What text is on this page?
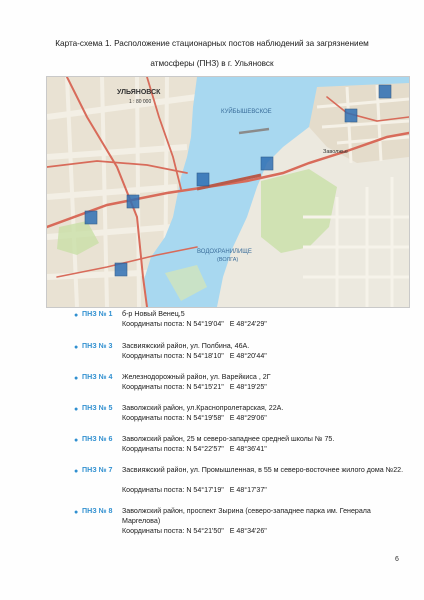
Карта-схема 1. Расположение стационарных постов наблюдений за загрязнением
атмосферы (ПНЗ) в г. Ульяновск
УЛЬЯНОВСК
1 : 80 000
КУЙБЫШЕВСКОЕ
ВОДОХРАНИЛИЩЕ
(ВОЛГА)
Заволжье
● ПНЗ № 1 б-р Новый Венец,5
Координаты поста: N 54°19'04"   E 48°24'29"
● ПНЗ № 3 Засвияжский район, ул. Полбина, 46А.
Координаты поста: N 54°18'10"   E 48°20'44"
● ПНЗ № 4 Железнодорожный район, ул. Варейкиса , 2Г
Координаты поста: N 54°15'21"   E 48°19'25"
● ПНЗ № 5 Заволжский район, ул.Краснопролетарская, 22А.
Координаты поста: N 54°19'58"   E 48°29'06"
● ПНЗ № 6 Заволжский район, 25 м северо-западнее средней школы № 75.
Координаты поста: N 54°22'57"   E 48°36'41"
● ПНЗ № 7 Засвияжский район, ул. Промышленная, в 55 м северо-восточнее жилого дома №22.
Координаты поста: N 54°17'19"   E 48°17'37"
● ПНЗ № 8 Заволжский район, проспект Зырина (северо-западнее парка им. Генерала Маргелова)
Координаты поста: N 54°21'50"   E 48°34'26"
6
